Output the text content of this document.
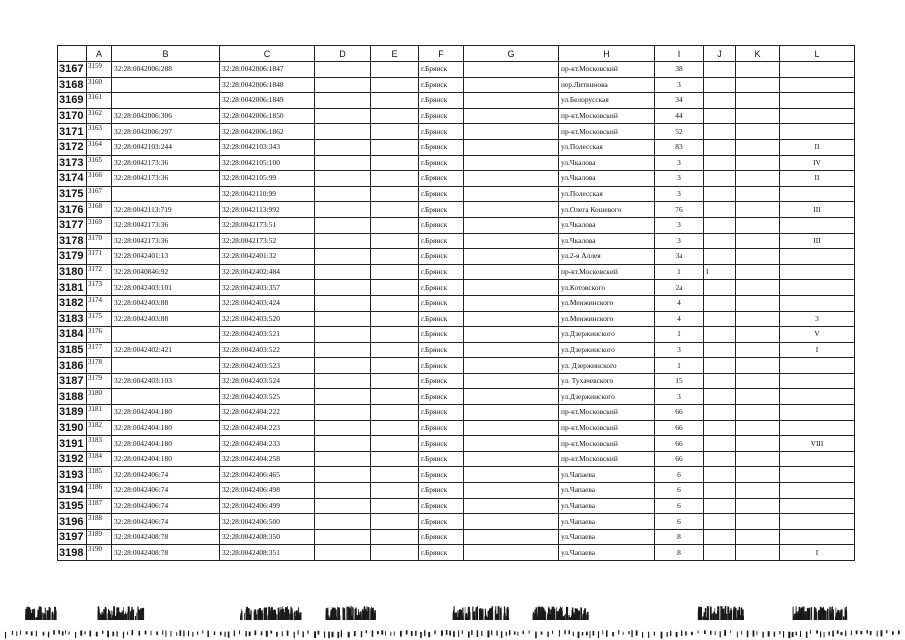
	A	B	C	D	E	F	G	H	I	J	K	L
3167	3159	32:28:0042006:288	32:28:0042006:1847			г.Брянск		пр-кт.Московский	38			
3168	3160		32:28:0042006:1848			г.Брянск		пер.Литвинова	3			
3169	3161		32:28:0042006:1849			г.Брянск		ул.Белорусская	34			
3170	3162	32:28:0042006:306	32:28:0042006:1850			г.Брянск		пр-кт.Московский	44			
3171	3163	32:28:0042006:297	32:28:0042006:1862			г.Брянск		пр-кт.Московский	52			
3172	3164	32:28:0042103:244	32:28:0042103:343			г.Брянск		ул.Полесская	83			II
3173	3165	32:28:0042173:36	32:28:0042105:100			г.Брянск		ул.Чкалова	3			IV
3174	3166	32:28:0042173:36	32:28:0042105:99			г.Брянск		ул.Чкалова	3			II
3175	3167		32:28:0042110:99			г.Брянск		ул.Полесская	3			
3176	3168	32:28:0042113:719	32:28:0042113:992			г.Брянск		ул.Олега Кошевого	76			III
3177	3169	32:28:0042173:36	32:28:0042173:51			г.Брянск		ул.Чкалова	3			
3178	3170	32:28:0042173:36	32:28:0042173:52			г.Брянск		ул.Чкалова	3			III
3179	3171	32:28:0042401:13	32:28:0042401:32			г.Брянск		ул.2-я Аллея	3а			
3180	3172	32:28:0040846:92	32:28:0042402:484			г.Брянск		пр-кт.Московский	1	I		
3181	3173	32:28:0042403:101	32:28:0042403:357			г.Брянск		ул.Котовского	2а			
3182	3174	32:28:0042403:88	32:28:0042403:424			г.Брянск		ул.Менжинского	4			
3183	3175	32:28:0042403:88	32:28:0042403:520			г.Брянск		ул.Менжинского	4			3
3184	3176		32:28:0042403:521			г.Брянск		ул.Дзержинского	1			V
3185	3177	32:28:0042402:421	32:28:0042403:522			г.Брянск		ул.Дзержинского	3			I
3186	3178		32:28:0042403:523			г.Брянск		ул. Дзержинского	1			
3187	3179	32:28:0042403:103	32:28:0042403:524			г.Брянск		ул. Тухачевского	15			
3188	3180		32:28:0042403:525			г.Брянск		ул.Дзержинского	3			
3189	3181	32:28:0042404:180	32:28:0042404:222			г.Брянск		пр-кт.Московский	66			
3190	3182	32:28:0042404:180	32:28:0042404:223			г.Брянск		пр-кт.Московский	66			
3191	3183	32:28:0042404:180	32:28:0042404:233			г.Брянск		пр-кт.Московский	66			VIII
3192	3184	32:28:0042404:180	32:28:0042404:258			г.Брянск		пр-кт.Московский	66			
3193	3185	32:28:0042406:74	32:28:0042406:465			г.Брянск		ул.Чапаева	6			
3194	3186	32:28:0042406:74	32:28:0042406:498			г.Брянск		ул.Чапаева	6			
3195	3187	32:28:0042406:74	32:28:0042406:499			г.Брянск		ул.Чапаева	6			
3196	3188	32:28:0042406:74	32:28:0042406:500			г.Брянск		ул.Чапаева	6			
3197	3189	32:28:0042408:78	32:28:0042408:350			г.Брянск		ул.Чапаева	8			
3198	3190	32:28:0042408:78	32:28:0042408:351			г.Брянск		ул.Чапаева	8			I
